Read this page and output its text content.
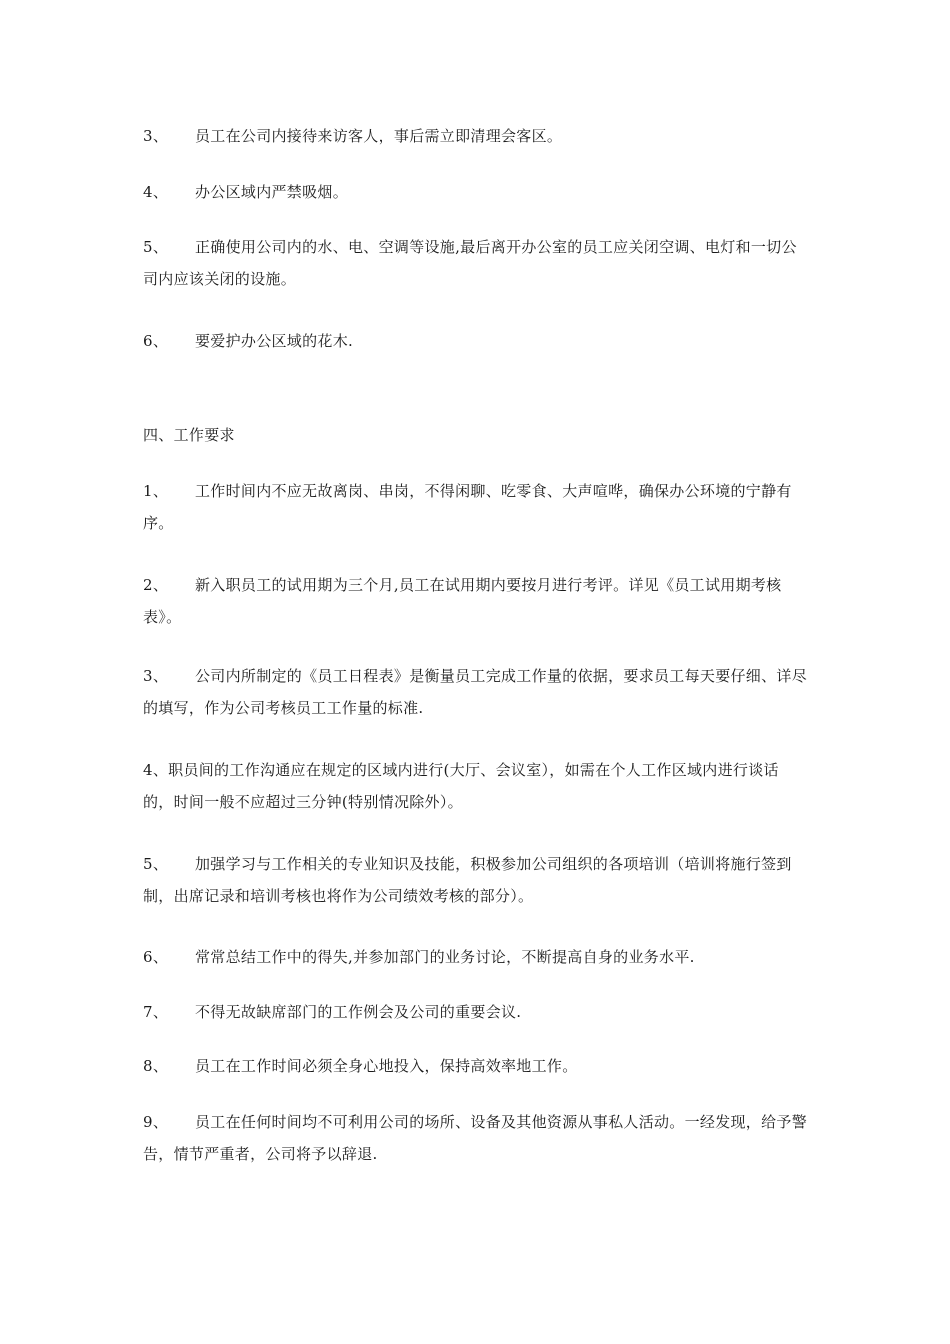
3、 员工在公司内接待来访客人，事后需立即清理会客区。
4、 办公区域内严禁吸烟。
5、 正确使用公司内的水、电、空调等设施,最后离开办公室的员工应关闭空调、电灯和一切公司内应该关闭的设施。
6、 要爱护办公区域的花木.
四、工作要求
1、 工作时间内不应无故离岗、串岗，不得闲聊、吃零食、大声喧哗，确保办公环境的宁静有序。
2、 新入职员工的试用期为三个月,员工在试用期内要按月进行考评。详见《员工试用期考核表》。
3、 公司内所制定的《员工日程表》是衡量员工完成工作量的依据，要求员工每天要仔细、详尽的填写，作为公司考核员工工作量的标准.
4、职员间的工作沟通应在规定的区域内进行(大厅、会议室），如需在个人工作区域内进行谈话的，时间一般不应超过三分钟(特别情况除外）。
5、 加强学习与工作相关的专业知识及技能，积极参加公司组织的各项培训（培训将施行签到制，出席记录和培训考核也将作为公司绩效考核的部分）。
6、 常常总结工作中的得失,并参加部门的业务讨论，不断提高自身的业务水平.
7、 不得无故缺席部门的工作例会及公司的重要会议.
8、 员工在工作时间必须全身心地投入，保持高效率地工作。
9、 员工在任何时间均不可利用公司的场所、设备及其他资源从事私人活动。一经发现，给予警告，情节严重者，公司将予以辞退.
